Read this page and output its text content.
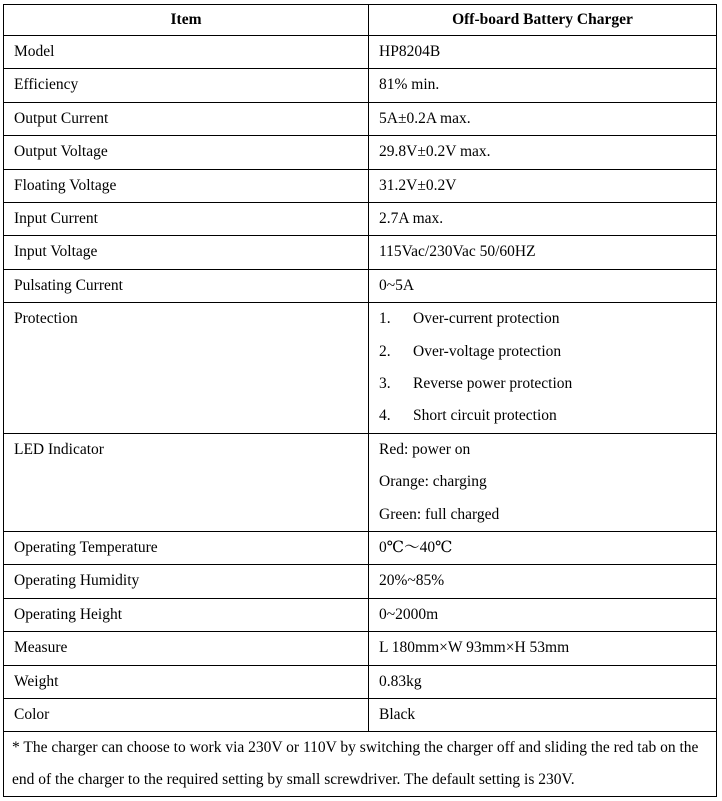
Item	Off-board Battery Charger
Model	HP8204B
Efficiency	81% min.
Output Current	5A±0.2A max.
Output Voltage	29.8V±0.2V max.
Floating Voltage	31.2V±0.2V
Input Current	2.7A max.
Input Voltage	115Vac/230Vac 50/60HZ
Pulsating Current	0~5A

Protection	1. Over-current protection
2. Over-voltage protection
3. Reverse power protection
4. Short circuit protection

LED Indicator	Red: power on
Orange: charging
Green: full charged

Operating Temperature	0℃～40℃
Operating Humidity	20%~85%
Operating Height	0~2000m
Measure	L 180mm×W 93mm×H 53mm
Weight	0.83kg
Color	Black
* The charger can choose to work via 230V or 110V by switching the charger off and sliding the red tab on the end of the charger to the required setting by small screwdriver. The default setting is 230V.	
